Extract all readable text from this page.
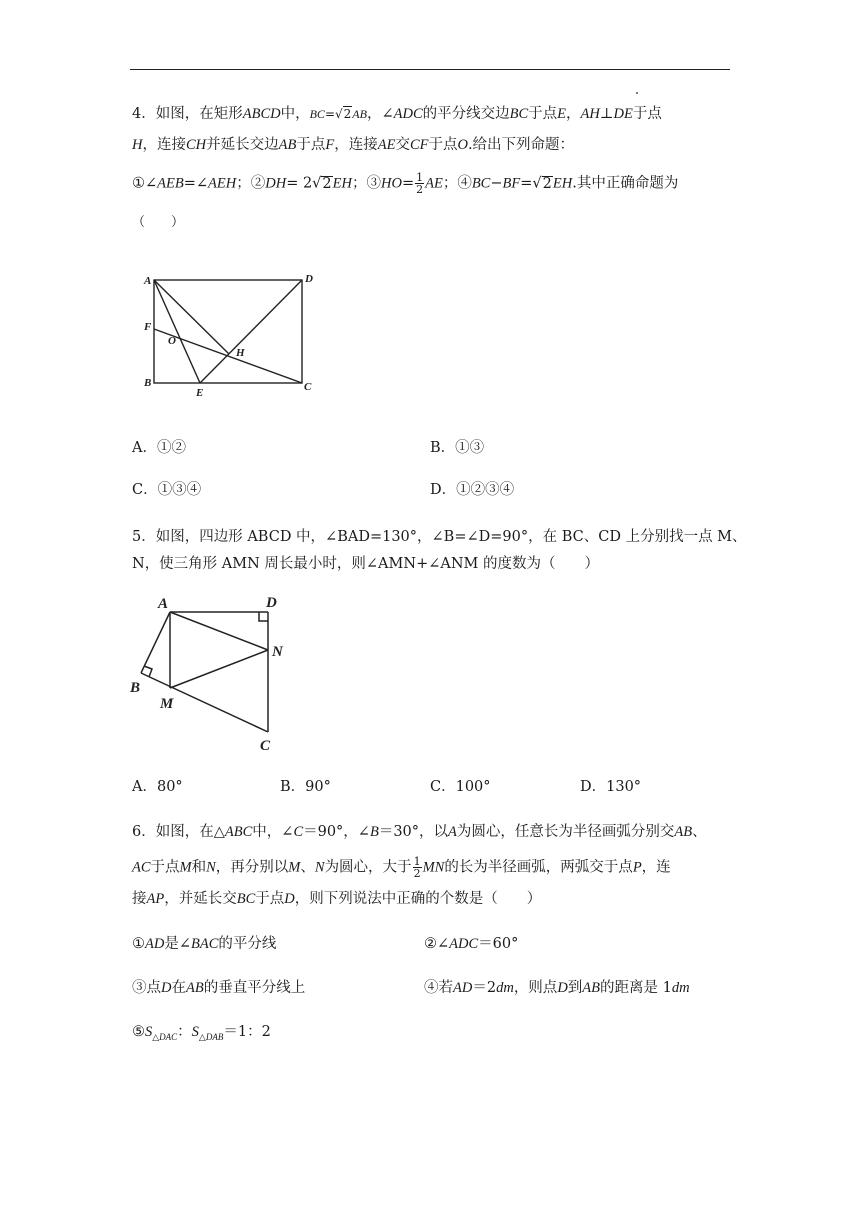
4．如图，在矩形ABCD中，BC=√2AB，∠ADC的平分线交边BC于点E，AH⊥DE于点
H，连接CH并延长交边AB于点F，连接AE交CF于点O.给出下列命题：
①∠AEB=∠AEH；②DH= 2√2EH；③HO= $\frac{1}{2}$ AE；④BC−BF=√2EH.其中正确命题为
（　　）
A	D
F
O
H
B
E	C
A．①②	B．①③
C．①③④	D．①②③④
5．如图，四边形 ABCD 中，∠BAD=130°，∠B=∠D=90°，在 BC、CD 上分别找一点 M、
N，使三角形 AMN 周长最小时，则∠AMN+∠ANM 的度数为（　　）
A	D
N
B
M
C
A．80°	B．90°	C．100°	D．130°
6．如图，在△ABC中，∠C＝90°，∠B＝30°，以A为圆心，任意长为半径画弧分别交AB、
AC于点M和N，再分别以M、N为圆心，大于 $\frac{1}{2}$ MN的长为半径画弧，两弧交于点P，连
接AP，并延长交BC于点D，则下列说法中正确的个数是（　　）
①AD是∠BAC的平分线	②∠ADC＝60°
③点D在AB的垂直平分线上	④若AD＝2dm，则点D到AB的距离是 1dm
$⑤S_{\triangle DAC}$：$S_{\triangle DAB}=1$：2
